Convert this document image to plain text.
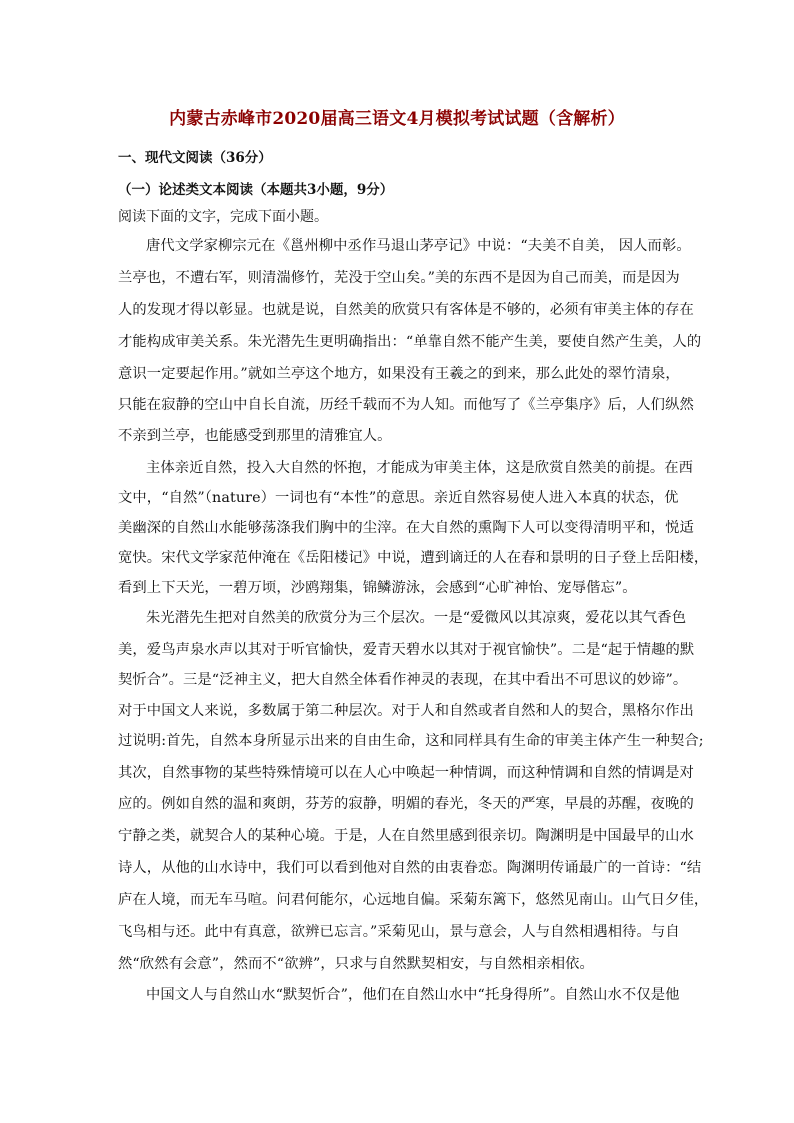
内蒙古赤峰市2020届高三语文4月模拟考试试题（含解析）
一、现代文阅读（36分）
（一）论述类文本阅读（本题共3小题，9分）
阅读下面的文字，完成下面小题。
唐代文学家柳宗元在《邕州柳中丞作马退山茅亭记》中说：“夫美不自美， 因人而彰。
兰亭也，不遭右军，则清湍修竹，芜没于空山矣。”美的东西不是因为自己而美，而是因为
人的发现才得以彰显。也就是说，自然美的欣赏只有客体是不够的，必须有审美主体的存在
才能构成审美关系。朱光潜先生更明确指出：“单靠自然不能产生美，要使自然产生美，人的
意识一定要起作用。”就如兰亭这个地方，如果没有王羲之的到来，那么此处的翠竹清泉，
只能在寂静的空山中自长自流，历经千载而不为人知。而他写了《兰亭集序》后，人们纵然
不亲到兰亭，也能感受到那里的清雅宜人。
主体亲近自然，投入大自然的怀抱，才能成为审美主体，这是欣赏自然美的前提。在西
文中，“自然”（nature）一词也有“本性”的意思。亲近自然容易使人进入本真的状态，优
美幽深的自然山水能够荡涤我们胸中的尘滓。在大自然的熏陶下人可以变得清明平和，悦适
宽快。宋代文学家范仲淹在《岳阳楼记》中说，遭到谪迁的人在春和景明的日子登上岳阳楼，
看到上下天光，一碧万顷，沙鸥翔集，锦鳞游泳，会感到“心旷神怡、宠辱偕忘”。
朱光潜先生把对自然美的欣赏分为三个层次。一是“爱微风以其凉爽，爱花以其气香色
美，爱鸟声泉水声以其对于听官愉快，爱青天碧水以其对于视官愉快”。二是“起于情趣的默
契忻合”。三是“泛神主义，把大自然全体看作神灵的表现，在其中看出不可思议的妙谛”。
对于中国文人来说，多数属于第二种层次。对于人和自然或者自然和人的契合，黑格尔作出
过说明:首先，自然本身所显示出来的自由生命，这和同样具有生命的审美主体产生一种契合;
其次，自然事物的某些特殊情境可以在人心中唤起一种情调，而这种情调和自然的情调是对
应的。例如自然的温和爽朗，芬芳的寂静，明媚的春光，冬天的严寒，早晨的苏醒，夜晚的
宁静之类，就契合人的某种心境。于是，人在自然里感到很亲切。陶渊明是中国最早的山水
诗人，从他的山水诗中，我们可以看到他对自然的由衷眷恋。陶渊明传诵最广的一首诗：“结
庐在人境，而无车马喧。问君何能尔，心远地自偏。采菊东篱下，悠然见南山。山气日夕佳，
飞鸟相与还。此中有真意，欲辨已忘言。”采菊见山，景与意会，人与自然相遇相待。与自
然“欣然有会意”，然而不“欲辨”，只求与自然默契相安，与自然相亲相依。
中国文人与自然山水“默契忻合”，他们在自然山水中“托身得所”。自然山水不仅是他
